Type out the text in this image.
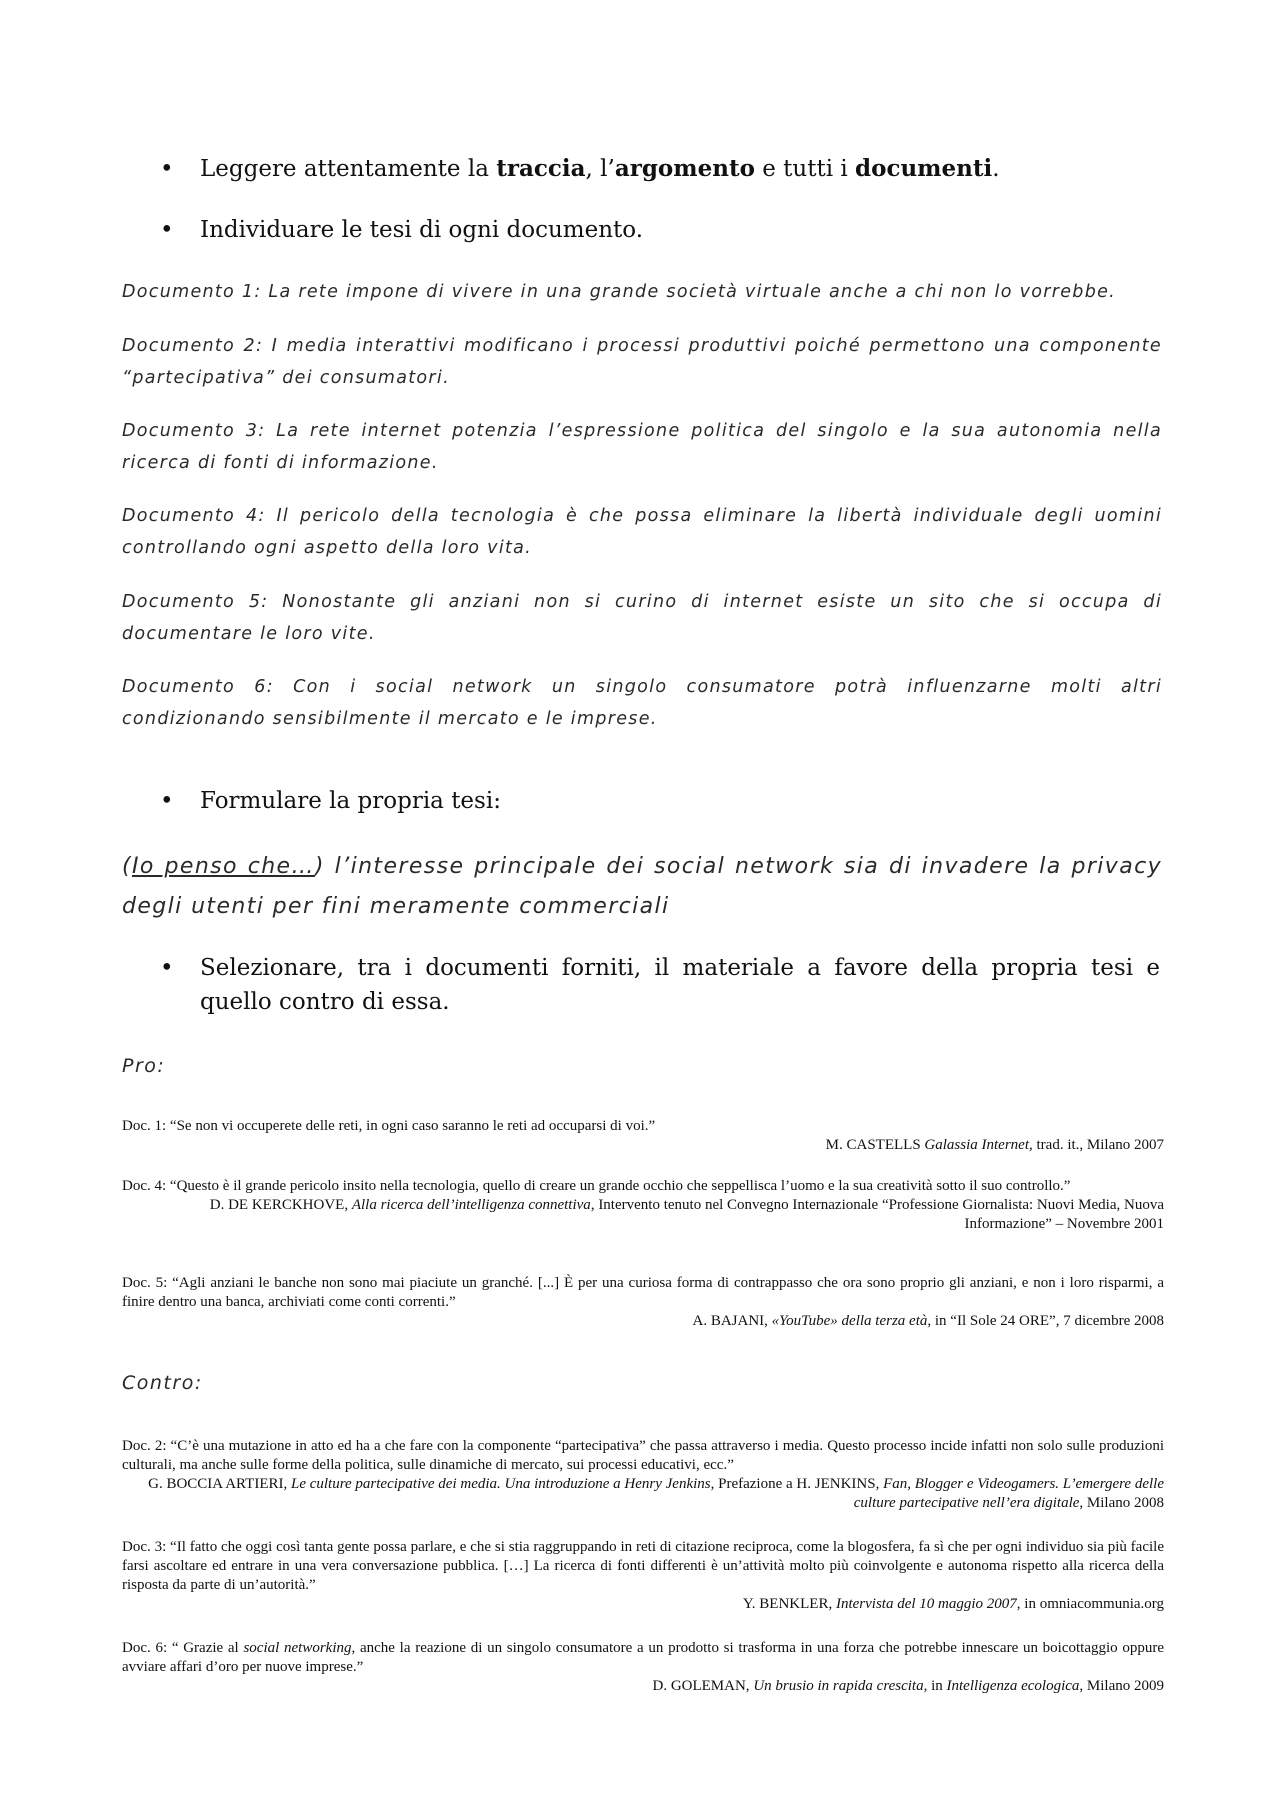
• Leggere attentamente la traccia, l’argomento e tutti i documenti.
• Individuare le tesi di ogni documento.
Documento 1: La rete impone di vivere in una grande società virtuale anche a chi non lo vorrebbe.
Documento 2: I media interattivi modificano i processi produttivi poiché permettono una componente “partecipativa” dei consumatori.
Documento 3: La rete internet potenzia l’espressione politica del singolo e la sua autonomia nella ricerca di fonti di informazione.
Documento 4: Il pericolo della tecnologia è che possa eliminare la libertà individuale degli uomini controllando ogni aspetto della loro vita.
Documento 5: Nonostante gli anziani non si curino di internet esiste un sito che si occupa di documentare le loro vite.
Documento 6: Con i social network un singolo consumatore potrà influenzarne molti altri condizionando sensibilmente il mercato e le imprese.
• Formulare la propria tesi:
(Io penso che…) l’interesse principale dei social network sia di invadere la privacy degli utenti per fini meramente commerciali
• Selezionare, tra i documenti forniti, il materiale a favore della propria tesi e quello contro di essa.
Pro:
Doc. 1: “Se non vi occuperete delle reti, in ogni caso saranno le reti ad occuparsi di voi.”
M. CASTELLS Galassia Internet, trad. it., Milano 2007
Doc. 4: “Questo è il grande pericolo insito nella tecnologia, quello di creare un grande occhio che seppellisca l’uomo e la sua creatività sotto il suo controllo.”
D. DE KERCKHOVE, Alla ricerca dell’intelligenza connettiva, Intervento tenuto nel Convegno Internazionale “Professione Giornalista: Nuovi Media, Nuova Informazione” – Novembre 2001
Doc. 5: “Agli anziani le banche non sono mai piaciute un granché. [...] È per una curiosa forma di contrappasso che ora sono proprio gli anziani, e non i loro risparmi, a finire dentro una banca, archiviati come conti correnti.”
A. BAJANI, «YouTube» della terza età, in “Il Sole 24 ORE”, 7 dicembre 2008
Contro:
Doc. 2: “C’è una mutazione in atto ed ha a che fare con la componente “partecipativa” che passa attraverso i media. Questo processo incide infatti non solo sulle produzioni culturali, ma anche sulle forme della politica, sulle dinamiche di mercato, sui processi educativi, ecc.”
G. BOCCIA ARTIERI, Le culture partecipative dei media. Una introduzione a Henry Jenkins, Prefazione a H. JENKINS, Fan, Blogger e Videogamers. L’emergere delle culture partecipative nell’era digitale, Milano 2008
Doc. 3: “Il fatto che oggi così tanta gente possa parlare, e che si stia raggruppando in reti di citazione reciproca, come la blogosfera, fa sì che per ogni individuo sia più facile farsi ascoltare ed entrare in una vera conversazione pubblica. […] La ricerca di fonti differenti è un’attività molto più coinvolgente e autonoma rispetto alla ricerca della risposta da parte di un’autorità.”
Y. BENKLER, Intervista del 10 maggio 2007, in omniacommunia.org
Doc. 6: “ Grazie al social networking, anche la reazione di un singolo consumatore a un prodotto si trasforma in una forza che potrebbe innescare un boicottaggio oppure avviare affari d’oro per nuove imprese.”
D. GOLEMAN, Un brusio in rapida crescita, in Intelligenza ecologica, Milano 2009
